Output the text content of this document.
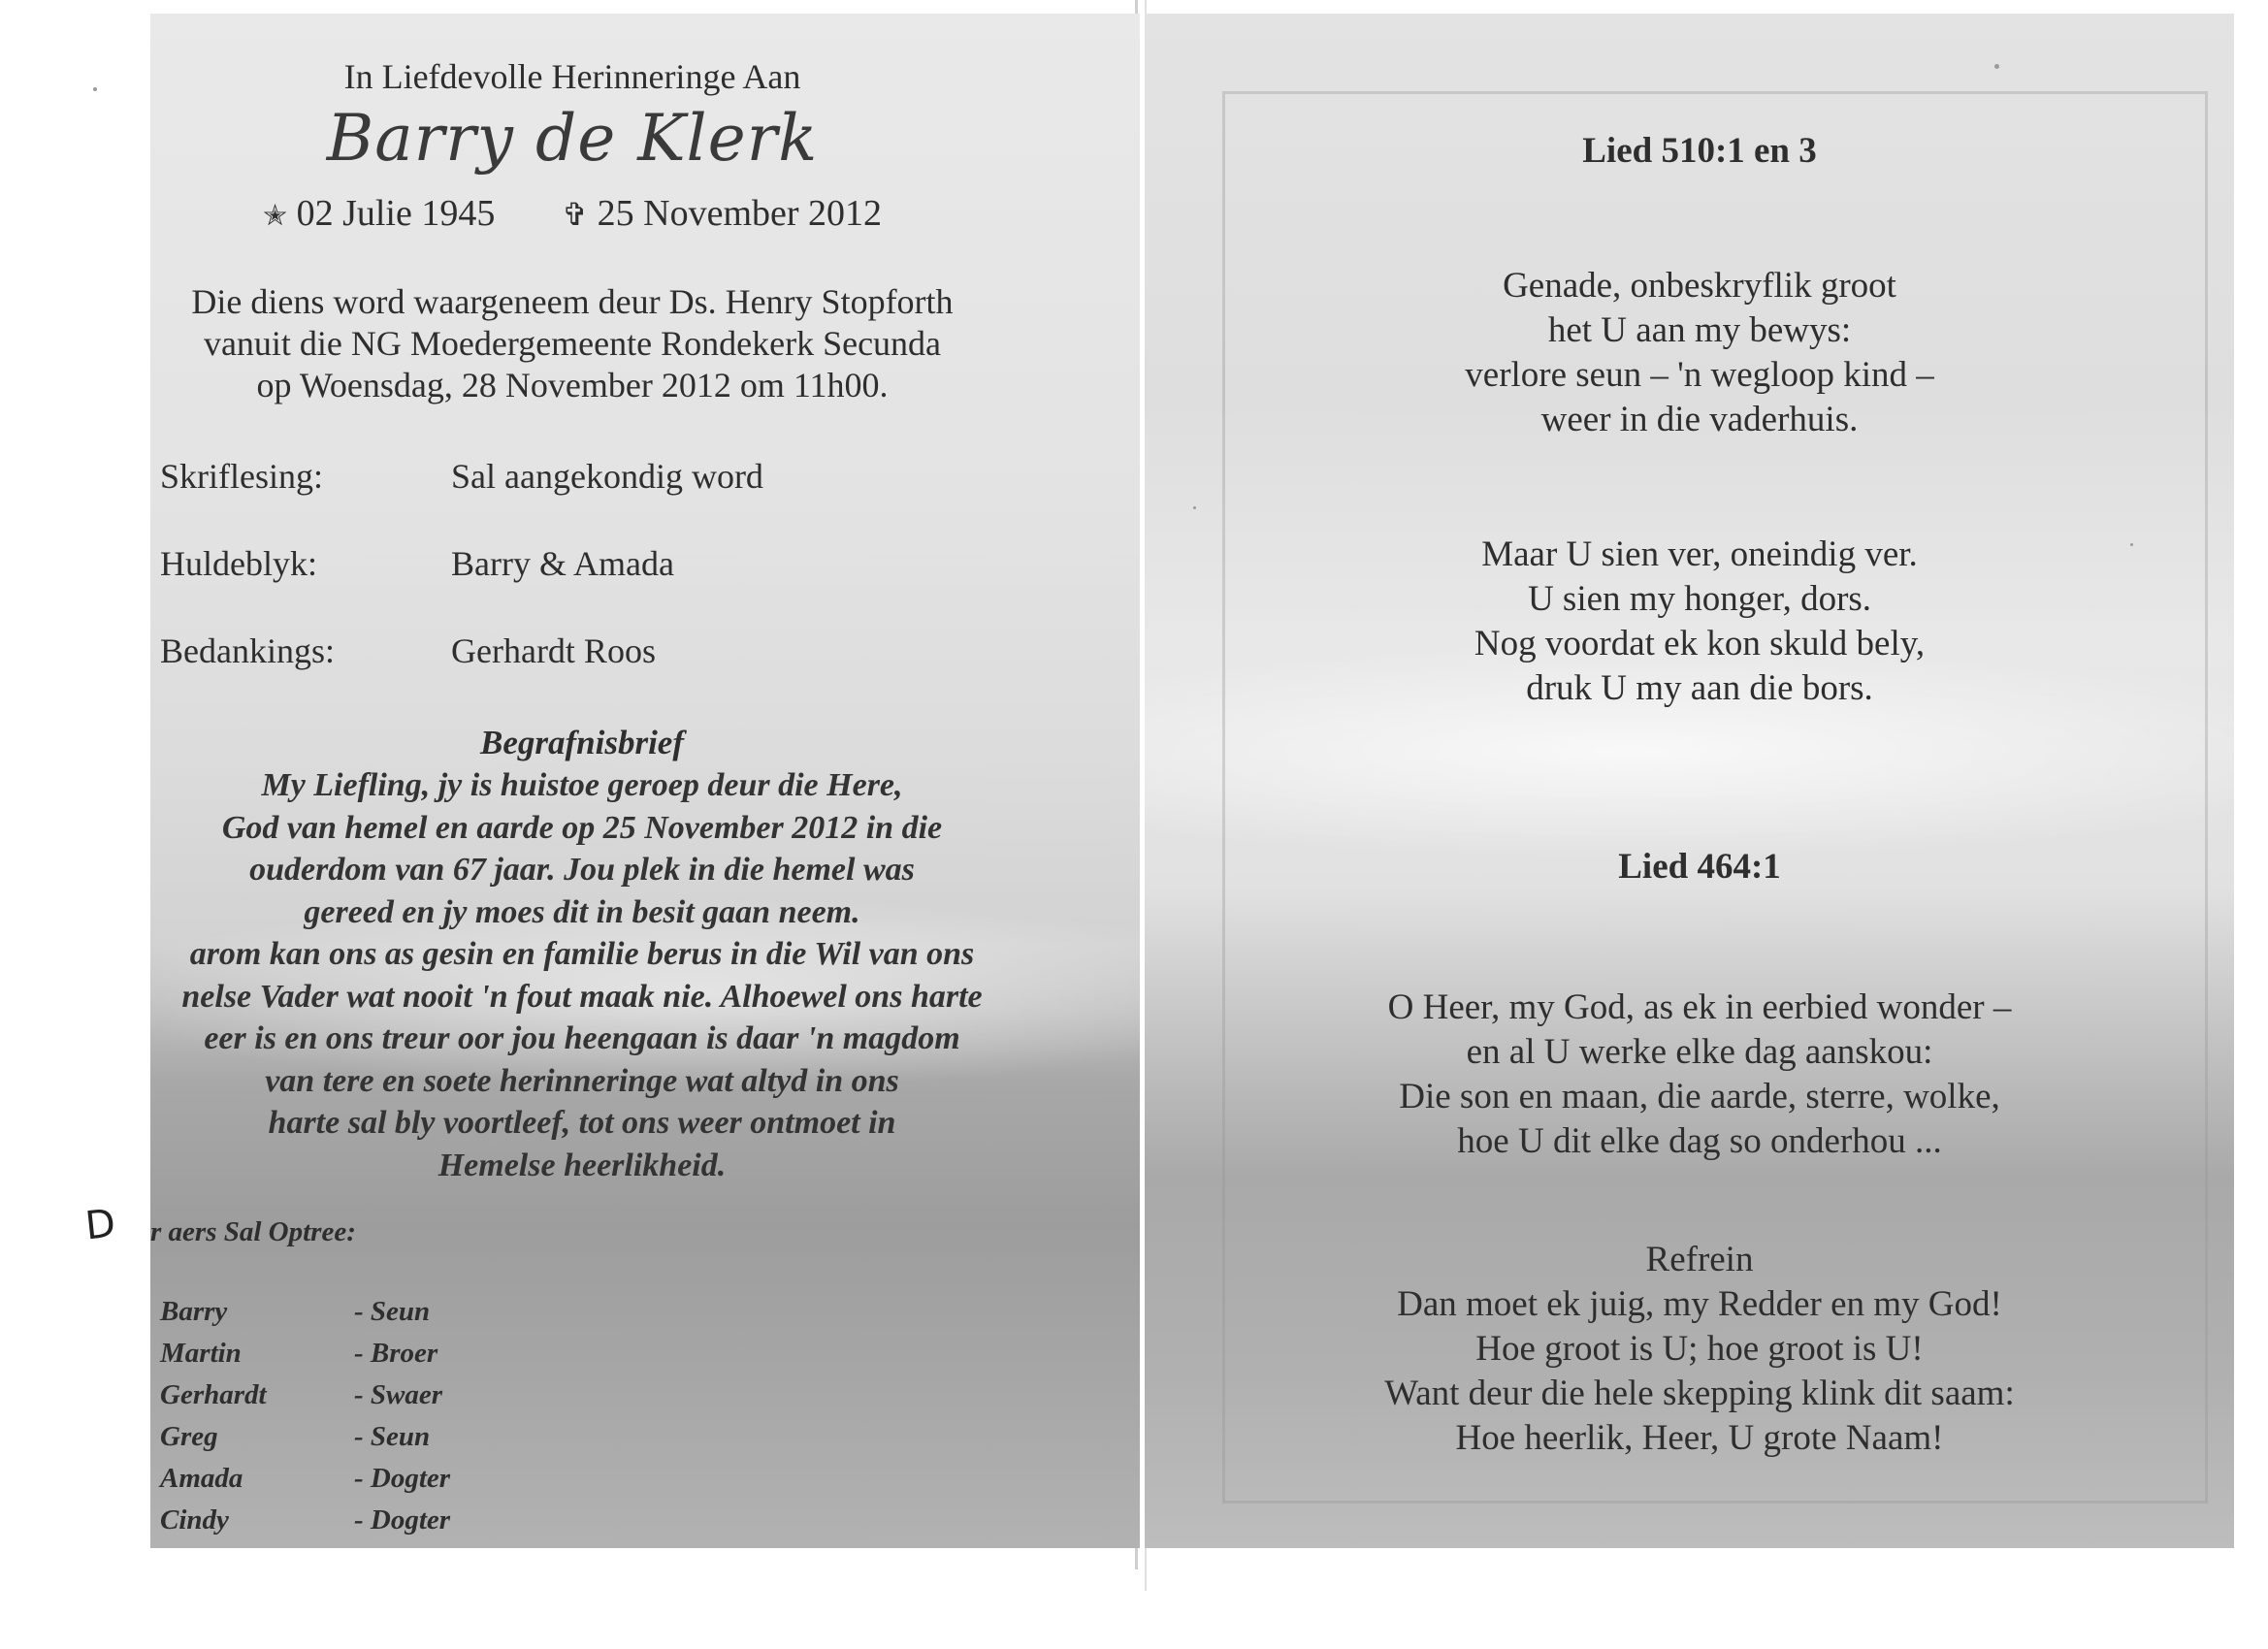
In Liefdevolle Herinneringe Aan
Barry de Klerk
✭ 02 Julie 1945 ✞ 25 November 2012
Die diens word waargeneem deur Ds. Henry Stopforth
vanuit die NG Moedergemeente Rondekerk Secunda
op Woensdag, 28 November 2012 om 11h00.
Skriflesing:	Sal aangekondig word
Huldeblyk:	Barry & Amada
Bedankings:	Gerhardt Roos
Begrafnisbrief
My Liefling, jy is huistoe geroep deur die Here,
God van hemel en aarde op 25 November 2012 in die
ouderdom van 67 jaar. Jou plek in die hemel was
gereed en jy moes dit in besit gaan neem.
arom kan ons as gesin en familie berus in die Wil van ons
nelse Vader wat nooit 'n fout maak nie. Alhoewel ons harte
eer is en ons treur oor jou heengaan is daar 'n magdom
van tere en soete herinneringe wat altyd in ons
harte sal bly voortleef, tot ons weer ontmoet in
Hemelse heerlikheid.
r aers Sal Optree:
Barry	- Seun
Martin	- Broer
Gerhardt	- Swaer
Greg	- Seun
Amada	- Dogter
Cindy	- Dogter
D
Lied 510:1 en 3
Genade, onbeskryflik groot
het U aan my bewys:
verlore seun – 'n wegloop kind –
weer in die vaderhuis.
Maar U sien ver, oneindig ver.
U sien my honger, dors.
Nog voordat ek kon skuld bely,
druk U my aan die bors.
Lied 464:1
O Heer, my God, as ek in eerbied wonder –
en al U werke elke dag aanskou:
Die son en maan, die aarde, sterre, wolke,
hoe U dit elke dag so onderhou ...
Refrein
Dan moet ek juig, my Redder en my God!
Hoe groot is U; hoe groot is U!
Want deur die hele skepping klink dit saam:
Hoe heerlik, Heer, U grote Naam!
